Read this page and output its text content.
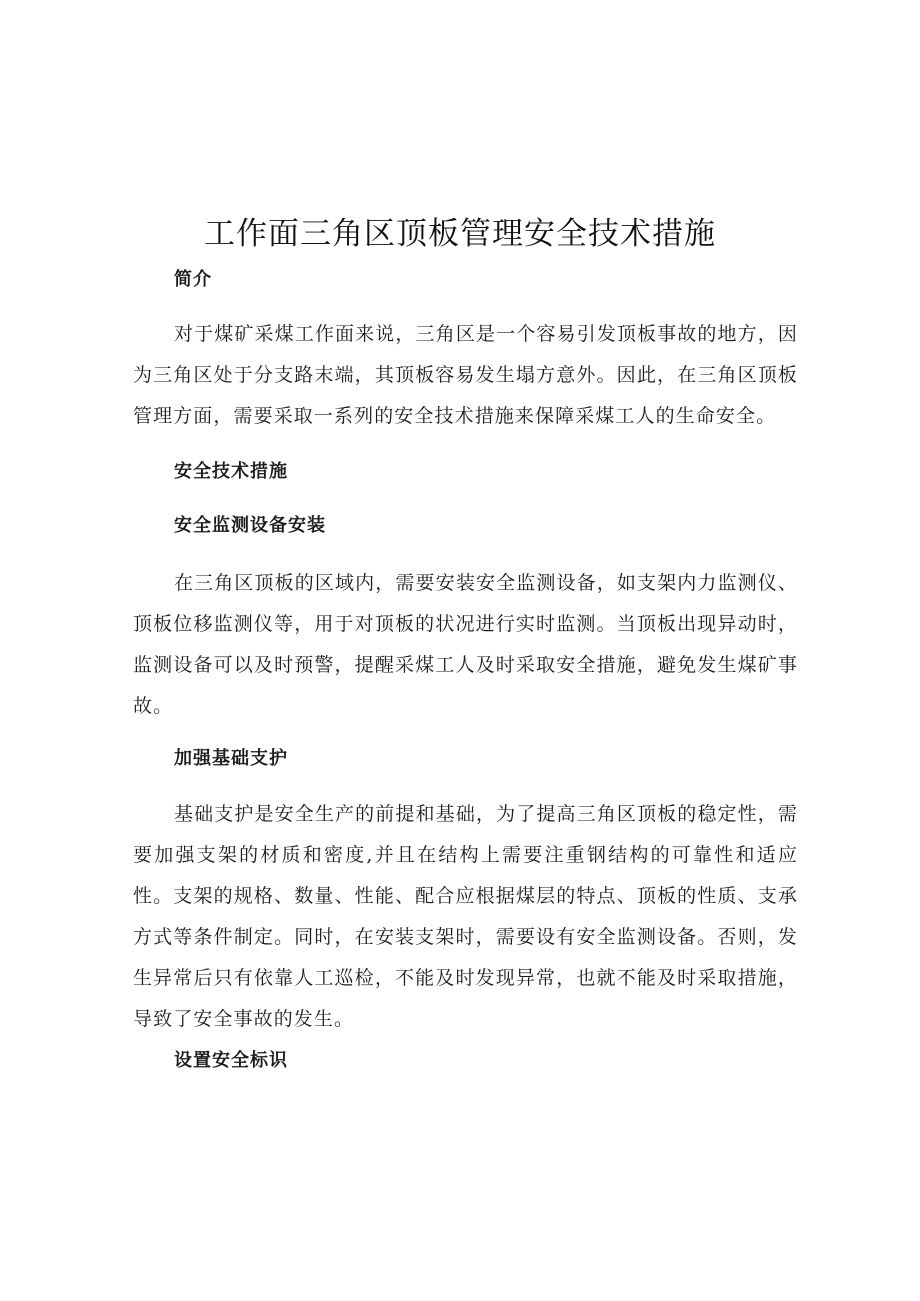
工作面三角区顶板管理安全技术措施
简介

对于煤矿采煤工作面来说，三角区是一个容易引发顶板事故的地方，因为三角区处于分支路末端，其顶板容易发生塌方意外。因此，在三角区顶板管理方面，需要采取一系列的安全技术措施来保障采煤工人的生命安全。

安全技术措施
安全监测设备安装

在三角区顶板的区域内，需要安装安全监测设备，如支架内力监测仪、顶板位移监测仪等，用于对顶板的状况进行实时监测。当顶板出现异动时，监测设备可以及时预警，提醒采煤工人及时采取安全措施，避免发生煤矿事故。

加强基础支护

基础支护是安全生产的前提和基础，为了提高三角区顶板的稳定性，需要加强支架的材质和密度,并且在结构上需要注重钢结构的可靠性和适应性。支架的规格、数量、性能、配合应根据煤层的特点、顶板的性质、支承方式等条件制定。同时，在安装支架时，需要设有安全监测设备。否则，发生异常后只有依靠人工巡检，不能及时发现异常，也就不能及时采取措施，导致了安全事故的发生。

设置安全标识
